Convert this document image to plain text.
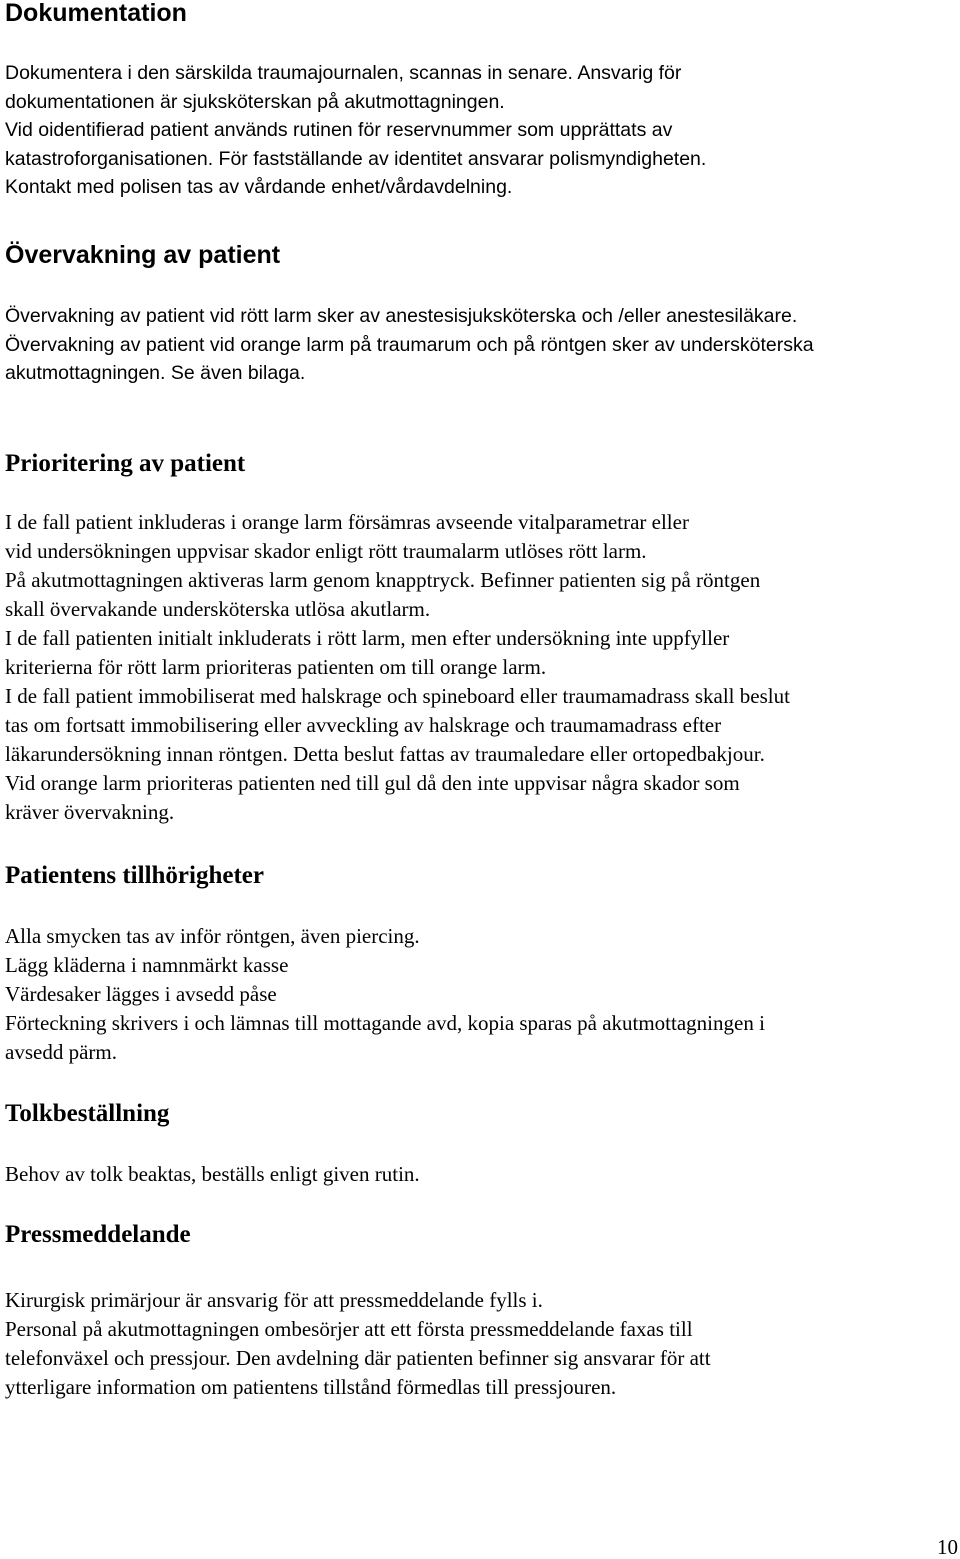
Dokumentation

Dokumentera i den särskilda traumajournalen, scannas in senare. Ansvarig för
dokumentationen är sjuksköterskan på akutmottagningen.
Vid oidentifierad patient används rutinen för reservnummer som upprättats av
katastroforganisationen. För fastställande av identitet ansvarar polismyndigheten.
Kontakt med polisen tas av vårdande enhet/vårdavdelning.

Övervakning av patient

Övervakning av patient vid rött larm sker av anestesisjuksköterska och /eller anestesiläkare.
Övervakning av patient vid orange larm på traumarum och på röntgen sker av undersköterska
akutmottagningen. Se även bilaga.

Prioritering av patient

I de fall patient inkluderas i orange larm försämras avseende vitalparametrar eller
vid undersökningen uppvisar skador enligt rött traumalarm utlöses rött larm.
På akutmottagningen aktiveras larm genom knapptryck. Befinner patienten sig på röntgen
skall övervakande undersköterska utlösa akutlarm.
I de fall patienten initialt inkluderats i rött larm, men efter undersökning inte uppfyller
kriterierna för rött larm prioriteras patienten om till orange larm.
I de fall patient immobiliserat med halskrage och spineboard eller traumamadrass skall beslut
tas om fortsatt immobilisering eller avveckling av halskrage och traumamadrass efter
läkarundersökning innan röntgen. Detta beslut fattas av traumaledare eller ortopedbakjour.
Vid orange larm prioriteras patienten ned till gul då den inte uppvisar några skador som
kräver övervakning.

Patientens tillhörigheter

Alla smycken tas av inför röntgen, även piercing.
Lägg kläderna i namnmärkt kasse
Värdesaker lägges i avsedd påse
Förteckning skrivers i och lämnas till mottagande avd, kopia sparas på akutmottagningen i
avsedd pärm.

Tolkbeställning

Behov av tolk beaktas, beställs enligt given rutin.

Pressmeddelande

Kirurgisk primärjour är ansvarig för att pressmeddelande fylls i.
Personal på akutmottagningen ombesörjer att ett första pressmeddelande faxas till
telefonväxel och pressjour. Den avdelning där patienten befinner sig ansvarar för att
ytterligare information om patientens tillstånd förmedlas till pressjouren.

10
